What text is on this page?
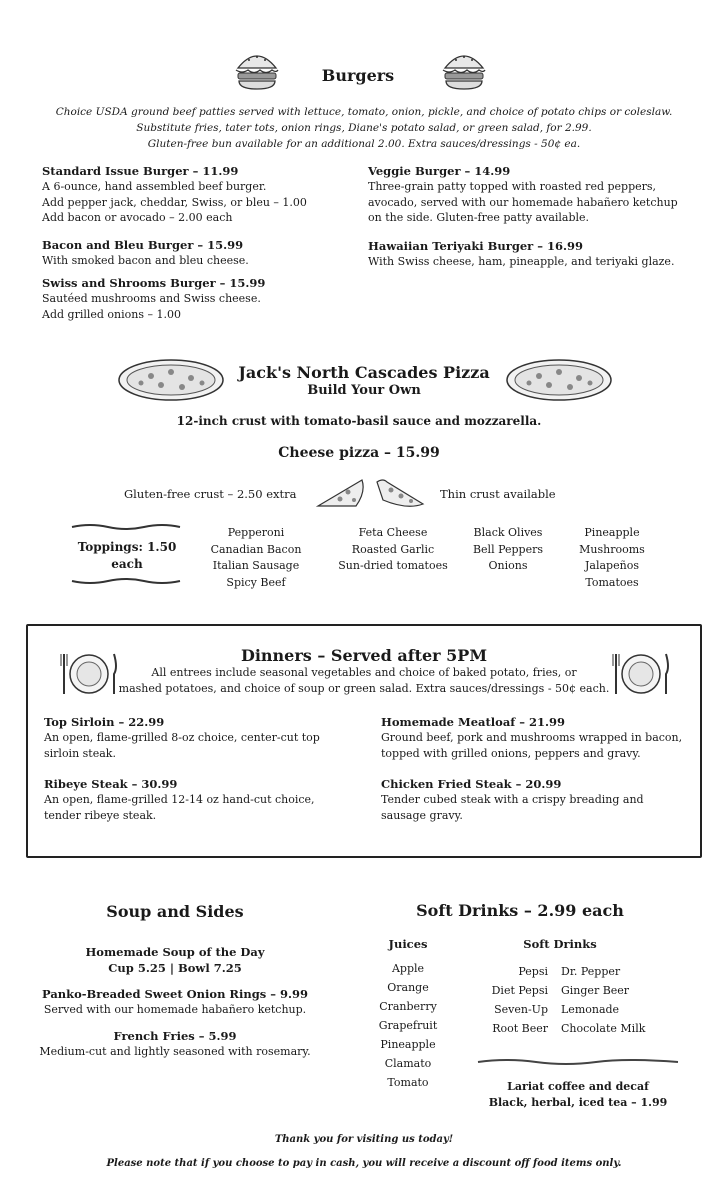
Burgers
Choice USDA ground beef patties served with lettuce, tomato, onion, pickle, and choice of potato chips or coleslaw.
Substitute fries, tater tots, onion rings, Diane's potato salad, or green salad, for 2.99.
Gluten-free bun available for an additional 2.00. Extra sauces/dressings - 50¢ ea.
Standard Issue Burger – 11.99
A 6-ounce, hand assembled beef burger.
Add pepper jack, cheddar, Swiss, or bleu – 1.00
Add bacon or avocado – 2.00 each
Bacon and Bleu Burger – 15.99
With smoked bacon and bleu cheese.
Swiss and Shrooms Burger – 15.99
Sautéed mushrooms and Swiss cheese.
Add grilled onions – 1.00
Veggie Burger – 14.99
Three-grain patty topped with roasted red peppers,
avocado, served with our homemade habañero ketchup
on the side. Gluten-free patty available.
Hawaiian Teriyaki Burger – 16.99
With Swiss cheese, ham, pineapple, and teriyaki glaze.
Jack's North Cascades Pizza
Build Your Own
12-inch crust with tomato-basil sauce and mozzarella.
Cheese pizza – 15.99
Gluten-free crust – 2.50 extra	Thin crust available
Toppings: 1.50 each
Pepperoni
Canadian Bacon
Italian Sausage
Spicy Beef
Feta Cheese
Roasted Garlic
Sun-dried tomatoes
Black Olives
Bell Peppers
Onions
Pineapple
Mushrooms
Jalapeños
Tomatoes
Dinners – Served after 5PM
All entrees include seasonal vegetables and choice of baked potato, fries, or
mashed potatoes, and choice of soup or green salad. Extra sauces/dressings - 50¢ each.
Top Sirloin – 22.99
An open, flame-grilled 8-oz choice, center-cut top
sirloin steak.
Ribeye Steak – 30.99
An open, flame-grilled 12-14 oz hand-cut choice,
tender ribeye steak.
Homemade Meatloaf – 21.99
Ground beef, pork and mushrooms wrapped in bacon,
topped with grilled onions, peppers and gravy.
Chicken Fried Steak – 20.99
Tender cubed steak with a crispy breading and
sausage gravy.
Soup and Sides
Homemade Soup of the Day
Cup 5.25 | Bowl 7.25
Panko-Breaded Sweet Onion Rings – 9.99
Served with our homemade habañero ketchup.
French Fries – 5.99
Medium-cut and lightly seasoned with rosemary.
Soft Drinks – 2.99 each
Juices
Apple
Orange
Cranberry
Grapefruit
Pineapple
Clamato
Tomato
Soft Drinks
Pepsi
Diet Pepsi
Seven-Up
Root Beer
Dr. Pepper
Ginger Beer
Lemonade
Chocolate Milk
Lariat coffee and decaf
Black, herbal, iced tea – 1.99
Thank you for visiting us today!
Please note that if you choose to pay in cash, you will receive a discount off food items only.
